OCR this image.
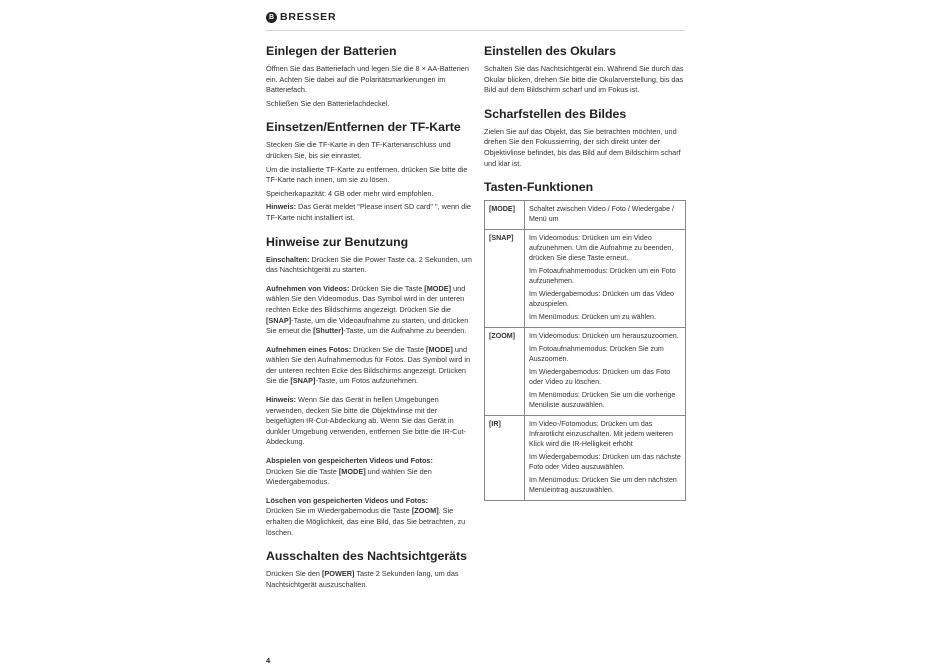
B BRESSER
Einlegen der Batterien

Öffnen Sie das Batteriefach und legen Sie die 8 × AA-Batterien ein. Achten Sie dabei auf die Polaritätsmarkierungen im Batteriefach.

Schließen Sie den Batteriefachdeckel.

Einsetzen/Entfernen der TF-Karte

Stecken Sie die TF-Karte in den TF-Kartenanschluss und drücken Sie, bis sie einrastet.

Um die installierte TF-Karte zu entfernen. drücken Sie bitte die TF-Karte nach innen, um sie zu lösen.

Speicherkapazität: 4 GB oder mehr wird empfohlen.

Hinweis: Das Gerät meldet "Please insert SD card" ", wenn die TF-Karte nicht installiert ist.

Hinweise zur Benutzung

Einschalten: Drücken Sie die Power Taste ca. 2 Sekunden, um das Nachtsichtgerät zu starten.

Aufnehmen von Videos: Drücken Sie die Taste [MODE] und wählen Sie den Videomodus. Das Symbol wird in der unteren rechten Ecke des Bildschirms angezeigt. Drücken Sie die [SNAP]-Taste, um die Videoaufnahme zu starten, und drücken Sie erneut die [Shutter]-Taste, um die Aufnahme zu beenden.

Aufnehmen eines Fotos: Drücken Sie die Taste [MODE] und wählen Sie den Aufnahmemodus für Fotos. Das Symbol wird in der unteren rechten Ecke des Bildschirms angezeigt. Drücken Sie die [SNAP]-Taste, um Fotos aufzunehmen.

Hinweis: Wenn Sie das Gerät in hellen Umgebungen verwenden, decken Sie bitte die Objektivlinse mit der beigefügten IR-Cut-Abdeckung ab. Wenn Sie das Gerät in dunkler Umgebung verwenden, entfernen Sie bitte die IR-Cut-Abdeckung.

Abspielen von gespeicherten Videos und Fotos:
Drücken Sie die Taste [MODE] und wählen Sie den Wiedergabemodus.

Löschen von gespeicherten Videos und Fotos:
Drücken Sie im Wiedergabemodus die Taste [ZOOM]. Sie erhalten die Möglichkeit, das eine Bild, das Sie betrachten, zu löschen.

Ausschalten des Nachtsichtgeräts

Drücken Sie den [POWER] Taste 2 Sekunden lang, um das Nachtsichtgerät auszuschalten.

Einstellen des Okulars

Schalten Sie das Nachtsichtgerät ein. Während Sie durch das Okular blicken, drehen Sie bitte die Okularverstellung, bis das Bild auf dem Bildschirm scharf und im Fokus ist.

Scharfstellen des Bildes

Zielen Sie auf das Objekt, das Sie betrachten möchten, und drehen Sie den Fokussierring, der sich direkt unter der Objektivlinse befindet, bis das Bild auf dem Bildschirm scharf und klar ist.

Tasten-Funktionen
[MODE]	Schaltet zwischen Video / Foto / Wiedergabe / Menü um

[SNAP]	Im Videomodus: Drücken um ein Video aufzunehmen. Um die Aufnahme zu beenden, drücken Sie diese Taste erneut.
Im Fotoaufnahmemodus: Drücken um ein Foto aufzunehmen.
Im Wiedergabemodus: Drücken um das Video abzuspielen.
Im Menümodus: Drücken um zu wählen.

[ZOOM]	Im Videomodus: Drücken um herauszuzoomen.
Im Fotoaufnahmemodus: Drücken Sie zum Auszoomen.
Im Wiedergabemodus: Drücken um das Foto oder Video zu löschen.
Im Menümodus: Drücken Sie um die vorherige Menüliste auszuwählen.

[IR]	Im Video-/Fotomodus: Drücken um das Infrarotlicht einzuschalten. Mit jedem weiteren Klick wird die IR-Helligkeit erhöht
Im Wiedergabemodus: Drücken um das nächste Foto oder Video auszuwählen.
Im Menümodus: Drücken Sie um den nächsten Menüeintrag auszuwählen.
4
